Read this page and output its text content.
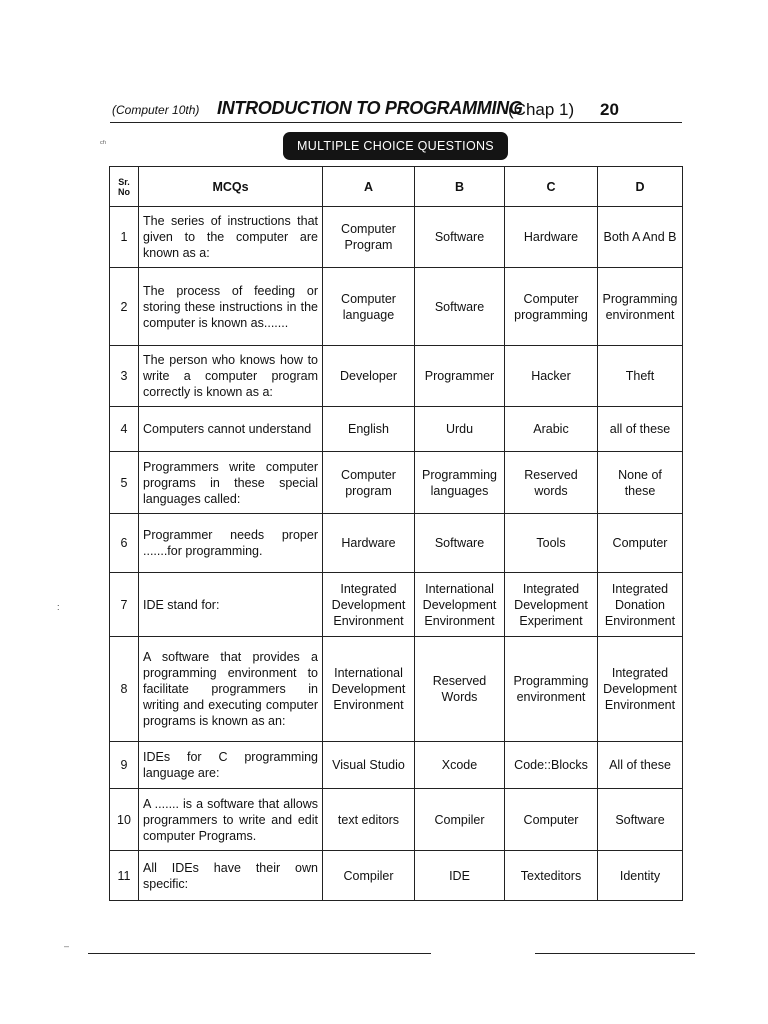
(Computer 10th) INTRODUCTION TO PROGRAMMING
(Chap 1) 20
ᶜᶠᶦ
:
–
MULTIPLE CHOICE QUESTIONS
Sr.
No	MCQs	A	B	C	D
1	The series of instructions that given to the computer are known as a:	Computer Program	Software	Hardware	Both A And B
2	The process of feeding or storing these instructions in the computer is known as.......	Computer language	Software	Computer programming	Programming environment
3	The person who knows how to write a computer program correctly is known as a:	Developer	Programmer	Hacker	Theft
4	Computers cannot understand	English	Urdu	Arabic	all of these
5	Programmers write computer programs in these special languages called:	Computer program	Programming languages	Reserved words	None of these
6	Programmer needs proper .......for programming.	Hardware	Software	Tools	Computer
7	IDE stand for:	Integrated Development Environment	International Development Environment	Integrated Development Experiment	Integrated Donation Environment
8	A software that provides a programming environment to facilitate programmers in writing and executing computer programs is known as an:	International Development Environment	Reserved Words	Programming environment	Integrated Development Environment
9	IDEs for C programming language are:	Visual Studio	Xcode	Code::Blocks	All of these
10	A ....... is a software that allows programmers to write and edit computer Programs.	text editors	Compiler	Computer	Software
11	All IDEs have their own specific:	Compiler	IDE	Texteditors	Identity
